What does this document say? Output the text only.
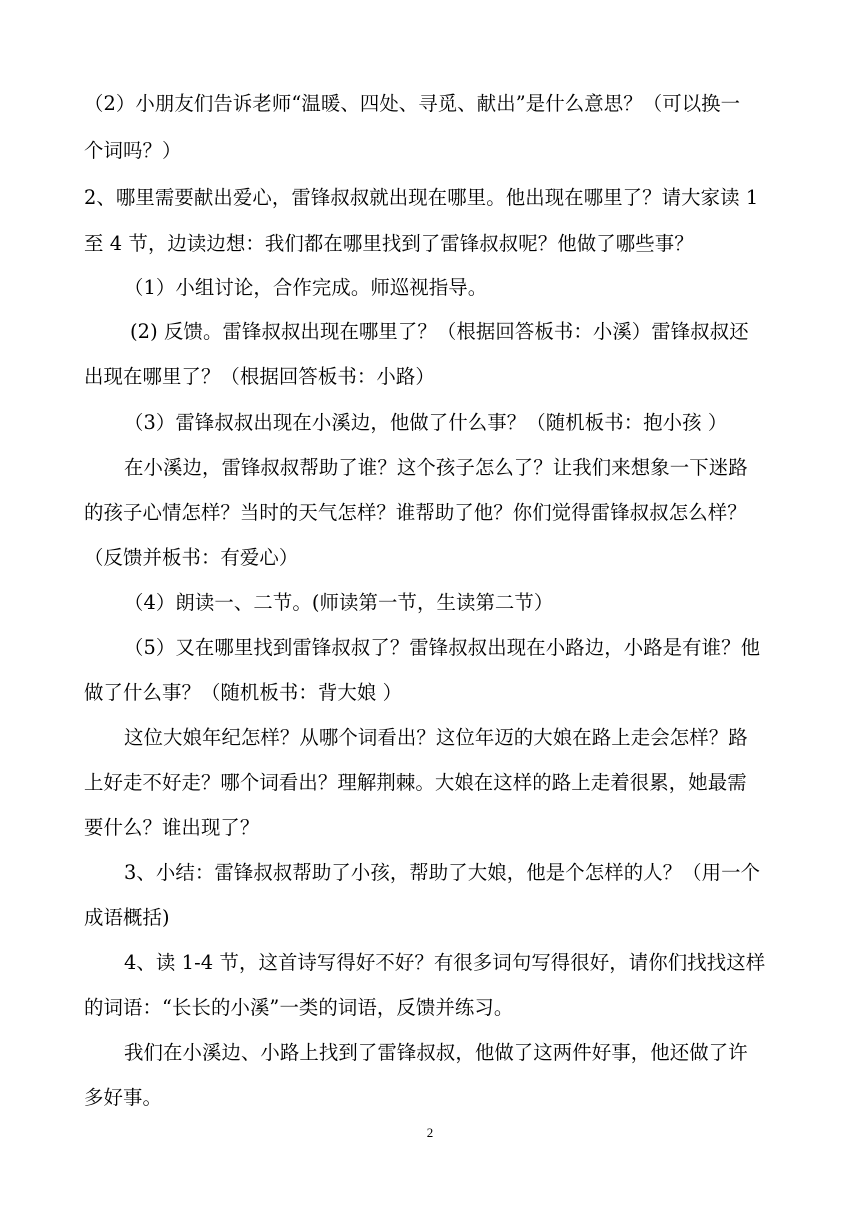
（2）小朋友们告诉老师“温暖、四处、寻觅、献出”是什么意思？（可以换一
个词吗？）
2、哪里需要献出爱心，雷锋叔叔就出现在哪里。他出现在哪里了？请大家读 1
至 4 节，边读边想：我们都在哪里找到了雷锋叔叔呢？他做了哪些事？
（1）小组讨论，合作完成。师巡视指导。
(2) 反馈。雷锋叔叔出现在哪里了？（根据回答板书：小溪）雷锋叔叔还
出现在哪里了？（根据回答板书：小路）
（3）雷锋叔叔出现在小溪边，他做了什么事？（随机板书：抱小孩 ）
在小溪边，雷锋叔叔帮助了谁？这个孩子怎么了？让我们来想象一下迷路
的孩子心情怎样？当时的天气怎样？谁帮助了他？你们觉得雷锋叔叔怎么样？
（反馈并板书：有爱心）
（4）朗读一、二节。(师读第一节，生读第二节）
（5）又在哪里找到雷锋叔叔了？雷锋叔叔出现在小路边，小路是有谁？他
做了什么事？（随机板书：背大娘 ）
这位大娘年纪怎样？从哪个词看出？这位年迈的大娘在路上走会怎样？路
上好走不好走？哪个词看出？理解荆棘。大娘在这样的路上走着很累，她最需
要什么？谁出现了？
3、小结：雷锋叔叔帮助了小孩，帮助了大娘，他是个怎样的人？（用一个
成语概括)
4、读 1-4 节，这首诗写得好不好？有很多词句写得很好，请你们找找这样
的词语：“长长的小溪”一类的词语，反馈并练习。
我们在小溪边、小路上找到了雷锋叔叔，他做了这两件好事，他还做了许
多好事。
2
